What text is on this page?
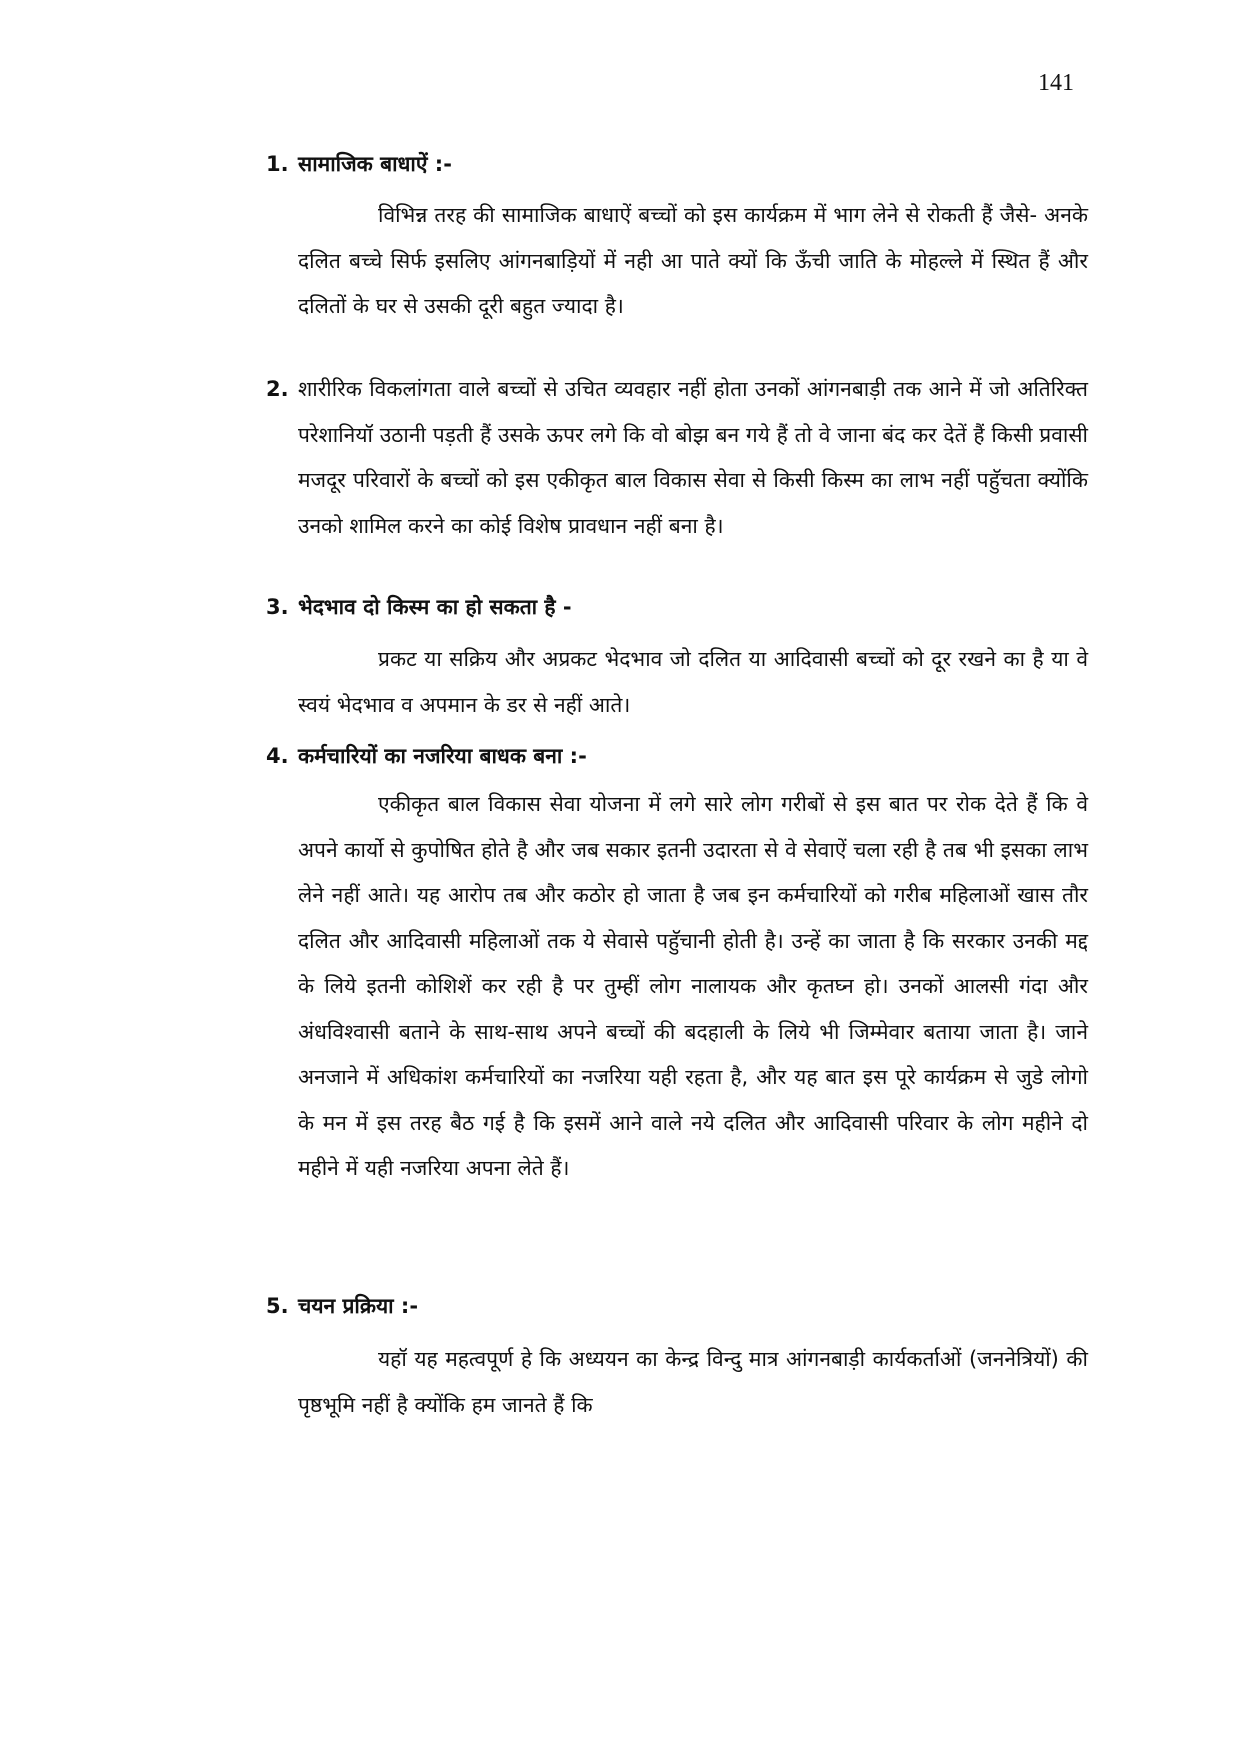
141
1. सामाजिक बाधाऐं :-

विभिन्न तरह की सामाजिक बाधाऐं बच्चों को इस कार्यक्रम में भाग लेने से रोकती हैं जैसे- अनके दलित बच्चे सिर्फ इसलिए आंगनबाड़ियों में नही आ पाते क्यों कि ऊँची जाति के मोहल्ले में स्थित हैं और दलितों के घर से उसकी दूरी बहुत ज्यादा है।

2. शारीरिक विकलांगता वाले बच्चों से उचित व्यवहार नहीं होता उनकों आंगनबाड़ी तक आने में जो अतिरिक्त परेशानियॉ उठानी पड़ती हैं उसके ऊपर लगे कि वो बोझ बन गये हैं तो वे जाना बंद कर देतें हैं किसी प्रवासी मजदूर परिवारों के बच्चों को इस एकीकृत बाल विकास सेवा से किसी किस्म का लाभ नहीं पहुॅचता क्योंकि उनको शामिल करने का कोई विशेष प्रावधान नहीं बना है।

3. भेदभाव दो किस्म का हो सकता है -

प्रकट या सक्रिय और अप्रकट भेदभाव जो दलित या आदिवासी बच्चों को दूर रखने का है या वे स्वयं भेदभाव व अपमान के डर से नहीं आते।

4. कर्मचारियों का नजरिया बाधक बना :-

एकीकृत बाल विकास सेवा योजना में लगे सारे लोग गरीबों से इस बात पर रोक देते हैं कि वे अपने कार्यो से कुपोषित होते है और जब सकार इतनी उदारता से वे सेवाऐं चला रही है तब भी इसका लाभ लेने नहीं आते। यह आरोप तब और कठोर हो जाता है जब इन कर्मचारियों को गरीब महिलाओं खास तौर दलित और आदिवासी महिलाओं तक ये सेवासे पहुॅचानी होती है। उन्हें का जाता है कि सरकार उनकी मद्द के लिये इतनी कोशिशें कर रही है पर तुम्हीं लोग नालायक और कृतघ्न हो। उनकों आलसी गंदा और अंधविश्वासी बताने के साथ-साथ अपने बच्चों की बदहाली के लिये भी जिम्मेवार बताया जाता है। जाने अनजाने में अधिकांश कर्मचारियों का नजरिया यही रहता है, और यह बात इस पूरे कार्यक्रम से जुडे लोगो के मन में इस तरह बैठ गई है कि इसमें आने वाले नये दलित और आदिवासी परिवार के लोग महीने दो महीने में यही नजरिया अपना लेते हैं।

5. चयन प्रक्रिया :-

यहॉ यह महत्वपूर्ण हे कि अध्ययन का केन्द्र विन्दु मात्र आंगनबाड़ी कार्यकर्ताओं (जननेत्रियों) की पृष्ठभूमि नहीं है क्योंकि हम जानते हैं कि
